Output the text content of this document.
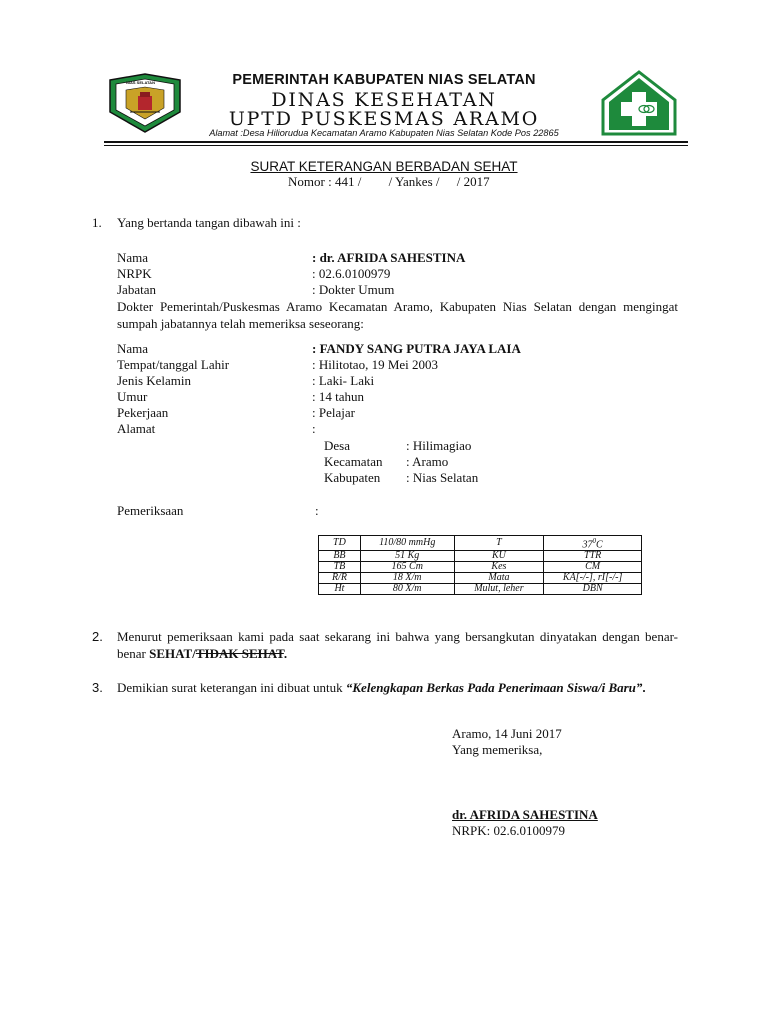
NIAS SELATAN	PEMERINTAH KABUPATEN NIAS SELATAN
DINAS KESEHATAN
UPTD PUSKESMAS ARAMO
Alamat :Desa Hiliorudua Kecamatan Aramo Kabupaten Nias Selatan Kode Pos 22865
SURAT KETERANGAN BERBADAN SEHAT
Nomor : 441 / / Yankes / / 2017
1. Yang bertanda tangan dibawah ini :
Nama	: dr. AFRIDA SAHESTINA
NRPK	: 02.6.0100979
Jabatan	: Dokter Umum
Dokter Pemerintah/Puskesmas Aramo Kecamatan Aramo, Kabupaten Nias Selatan dengan mengingat sumpah jabatannya telah memeriksa seseorang:
Nama	: FANDY SANG PUTRA JAYA LAIA
Tempat/tanggal Lahir	: Hilitotao, 19 Mei 2003
Jenis Kelamin	: Laki- Laki
Umur	: 14 tahun
Pekerjaan	: Pelajar
Alamat	:
Desa	: Hilimagiao
Kecamatan : Aramo
Kabupaten : Nias Selatan
Pemeriksaan	:
TD	110/80 mmHg	T	$37^0C$
BB	51 Kg	KU	TTR
TB	165 Cm	Kes	CM
R/R	18 X/m	Mata	KA[-/-], rI[-/-]
Ht	80 X/m	Mulut, leher	DBN
2. Menurut pemeriksaan kami pada saat sekarang ini bahwa yang bersangkutan dinyatakan dengan benar-benar SEHAT/TIDAK SEHAT.
3. Demikian surat keterangan ini dibuat untuk “Kelengkapan Berkas Pada Penerimaan Siswa/i Baru”.
Aramo, 14 Juni 2017
Yang memeriksa,
dr. AFRIDA SAHESTINA
NRPK: 02.6.0100979
